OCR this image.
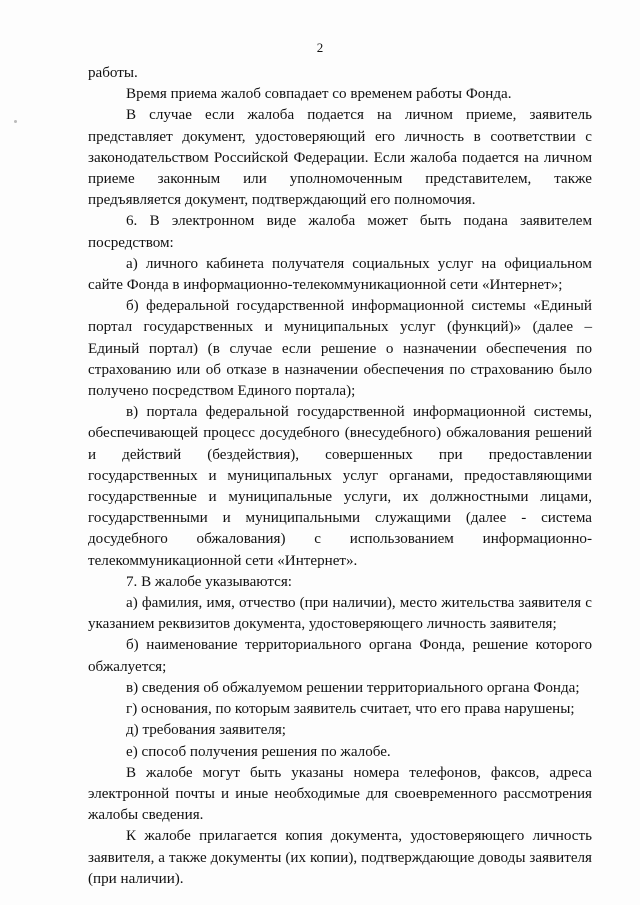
2

работы.

Время приема жалоб совпадает со временем работы Фонда.

В случае если жалоба подается на личном приеме, заявитель представляет документ, удостоверяющий его личность в соответствии с законодательством Российской Федерации. Если жалоба подается на личном приеме законным или уполномоченным представителем, также предъявляется документ, подтверждающий его полномочия.

6. В электронном виде жалоба может быть подана заявителем посредством:

а) личного кабинета получателя социальных услуг на официальном сайте Фонда в информационно-телекоммуникационной сети «Интернет»;

б) федеральной государственной информационной системы «Единый портал государственных и муниципальных услуг (функций)» (далее – Единый портал) (в случае если решение о назначении обеспечения по страхованию или об отказе в назначении обеспечения по страхованию было получено посредством Единого портала);

в) портала федеральной государственной информационной системы, обеспечивающей процесс досудебного (внесудебного) обжалования решений и действий (бездействия), совершенных при предоставлении государственных и муниципальных услуг органами, предоставляющими государственные и муниципальные услуги, их должностными лицами, государственными и муниципальными служащими (далее - система досудебного обжалования) с использованием информационно-телекоммуникационной сети «Интернет».

7. В жалобе указываются:

а) фамилия, имя, отчество (при наличии), место жительства заявителя с указанием реквизитов документа, удостоверяющего личность заявителя;

б) наименование территориального органа Фонда, решение которого обжалуется;

в) сведения об обжалуемом решении территориального органа Фонда;

г) основания, по которым заявитель считает, что его права нарушены;

д) требования заявителя;

е) способ получения решения по жалобе.

В жалобе могут быть указаны номера телефонов, факсов, адреса электронной почты и иные необходимые для своевременного рассмотрения жалобы сведения.

К жалобе прилагается копия документа, удостоверяющего личность заявителя, а также документы (их копии), подтверждающие доводы заявителя (при наличии).
